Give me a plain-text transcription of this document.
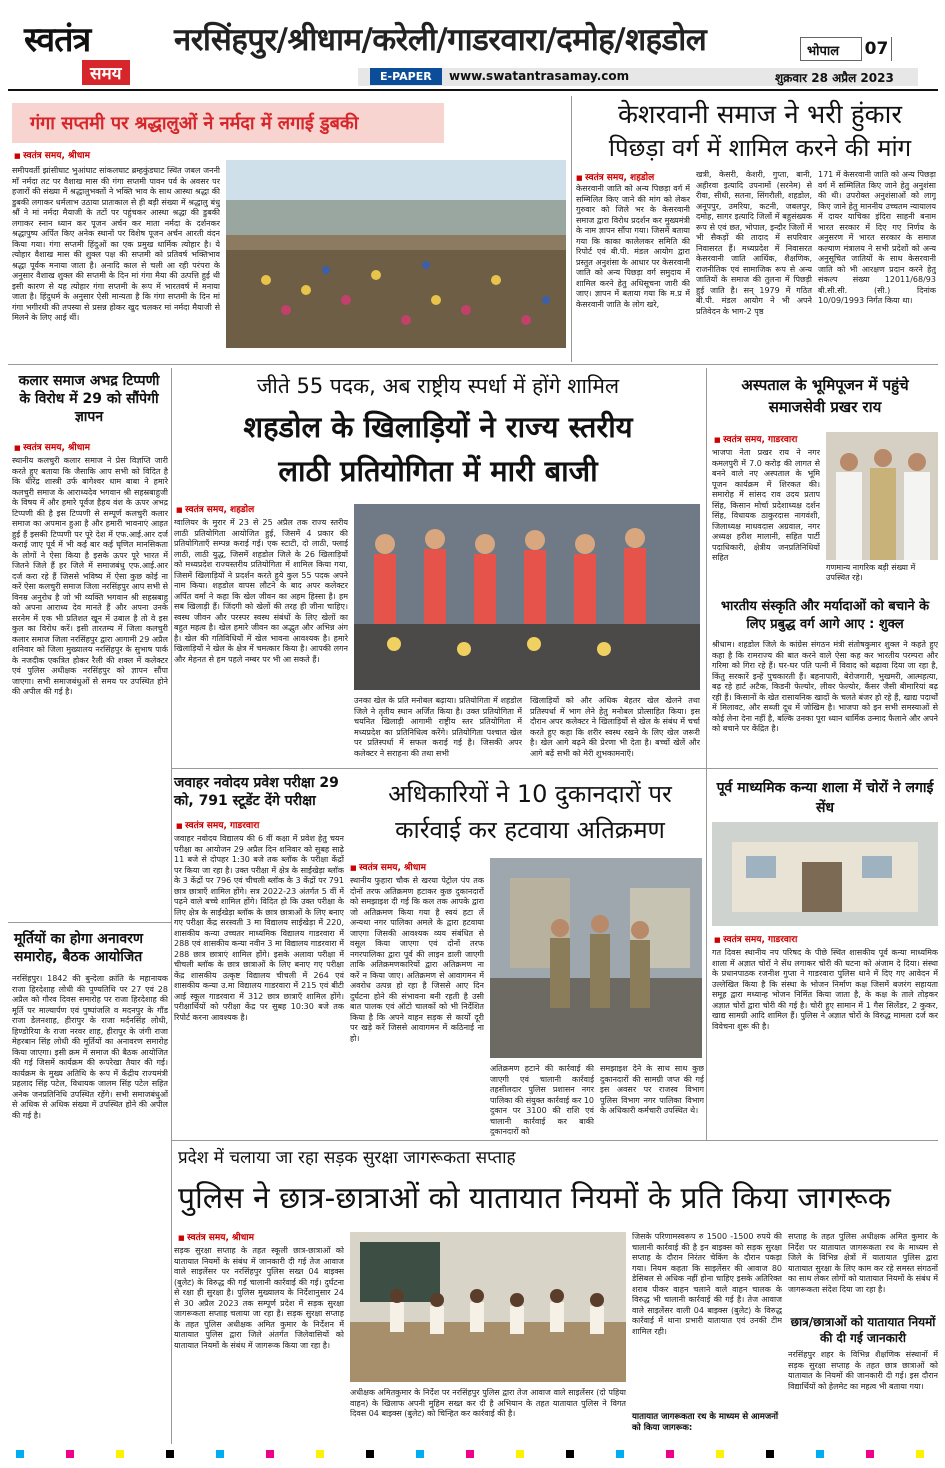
स्वतंत्र
समय
नरसिंहपुर/श्रीधाम/करेली/गाडरवारा/दमोह/शहडोल	भोपाल 07
E-PAPER	www.swatantrasamay.com	शुक्रवार 28 अप्रैल 2023
गंगा सप्तमी पर श्रद्धालुओं ने नर्मदा में लगाई डुबकी
■ स्वतंत्र समय, श्रीधाम
समीपवर्ती झांसीघाट भुआंघाट सांकलघाट ब्रम्हकुंडघाट स्थित जबल जननी माँ नर्मदा तट पर वैशाख मास की गंगा सप्तमी पावन पर्व के अवसर पर हजारों की संख्या में श्रद्धालुभक्तों ने भक्ति भाव के साथ आस्था श्रद्धा की डुबकी लगाकर धर्मलाभ उठाया प्रातःकाल से ही बड़ी संख्या में श्रद्धालु बंधु श्रौं ने मां नर्मदा मैयाजी के तटों पर पहुंचकर आस्था श्रद्धा की डुबकी लगाकर स्नान ध्यान कर पूजन अर्चन कर माता नर्मदा के दर्शनकर श्रद्धापुष्प अर्पित किए अनेक स्थानों पर विशेष पूजन अर्चन आरती वंदन किया गया। गंगा सप्तमी हिंदुओं का एक प्रमुख धार्मिक त्योहार है। ये त्योहार वैशाख मास की शुक्ल पक्ष की सप्तमी को प्रतिवर्ष भक्तिभाव श्रद्धा पूर्वक मनाया जाता है। अनादि काल से चली आ रही परंपरा के अनुसार वैशाख शुक्ल की सप्तमी के दिन मां गंगा मैया की उत्पत्ति हुई थी इसी कारण से यह त्योहार गंगा सप्तमी के रूप में भारतवर्ष में मनाया जाता है। हिंदुधर्म के अनुसार ऐसी मान्यता है कि गंगा सप्तमी के दिन मां गंगा भगीरथी की तपस्या से प्रसन्न होकर खुद चलकर मां नर्मदा मैयाजी से मिलने के लिए आई थीं।
केशरवानी समाज ने भरी हुंकार
पिछड़ा वर्ग में शामिल करने की मांग
■ स्वतंत्र समय, शहडोल
केसरवानी जाति को अन्य पिछड़ा वर्ग में सम्मिलित किए जाने की मांग को लेकर गुरुवार को जिले भर के केसरवानी समाज द्वारा विरोध प्रदर्शन कर मुख्यमंत्री के नाम ज्ञापन सौंपा गया। जिसमें बताया गया कि काका कालेलकर समिति की रिपोर्ट एवं बी.पी. मंडल आयोग द्वारा प्रस्तुत अनुशंसा के आधार पर केसरवानी जाति को अन्य पिछड़ा वर्ग समुदाय में शामिल करने हेतु अधिसूचना जारी की जाए। ज्ञापन में बताया गया कि म.प्र में केसरवानी जाति के लोग खरे,
खत्री, केसरी, केशरी, गुप्ता, बानी, अहीरवा इत्यादि उपनामों (सरनेम) से रीवा, सीधी, सतना, सिंगरौली, शहडोल, अनूपपुर, उमरिया, कटनी, जबलपुर, दमोह, सागर इत्यादि जिलों में बहुसंख्यक रूप से एवं छत, भोपाल, इन्दौर जिलों में भी सैकड़ों की तादाद में सपरिवार निवासरत हैं। मध्यप्रदेश में निवासरत केसरवानी जाति आर्थिक, शैक्षणिक, राजनीतिक एवं सामाजिक रूप से अन्य जातियों के समाज की तुलना में पिछड़ी हुई जाति है। सन् 1979 में गठित बी.पी. मंडल आयोग ने भी अपने प्रतिवेदन के भाग-2 पृष्ठ
171 में केसरवानी जाति को अन्य पिछड़ा वर्ग में सम्मिलित किए जाने हेतु अनुशंसा की थी। उपरोक्त अनुशंसाओं को लागू किए जाने हेतु माननीय उच्चतम न्यायालय में दायर याचिका इंदिरा साहनी बनाम भारत सरकार में दिए गए निर्णय के अनुसरण में भारत सरकार के समाज कल्याण मंत्रालय ने सभी प्रदेशों को अन्य अनुसूचित जातियों के साथ केसरवानी जाति को भी आरक्षण प्रदान करने हेतु संकल्प संख्या 12011/68/93 बी.सी.सी. (सी.) दिनांक 10/09/1993 निर्गत किया था।
कलार समाज अभद्र टिप्पणी के विरोध में 29 को सौंपेगी ज्ञापन
■ स्वतंत्र समय, श्रीधाम
स्थानीय कलचुरी कलार समाज ने प्रेस विज्ञप्ति जारी करते हुए बताया कि जैसाकि आप सभी को विदित है कि धीरेंद्र शास्त्री उर्फ बागेश्वर धाम बाबा ने हमारे कलचुरी समाज के आराध्यदेव भगवान श्री सहस्रबाहुजी के विषय में और हमारे पूर्वज हैहय वंश के ऊपर अभद्र टिप्पणी की है इस टिप्पणी से सम्पूर्ण कलचुरी कलार समाज का अपमान हुआ है और हमारी भावनाएं आहत हुई हैं इसकी टिप्पणी पर पूरे देश में एफ.आई.आर दर्ज कराई जाए पूर्व में भी कई बार कई घृणित मानसिकता के लोगों ने ऐसा किया है इसके ऊपर पूरे भारत में जितने जिले हैं हर जिले में समाजबंधु एफ.आई.आर दर्ज करा रहे हैं जिससे भविष्य में ऐसा कुछ कोई ना करें ऐसा कलचुरी समाज जिला नरसिंहपुर आप सभी से विनम्र अनुरोध है जो भी व्यक्ति भगवान श्री सहस्रबाहु को अपना आराध्य देव मानते हैं और अपना उनके सरनेम में एक भी प्रतिशत खून में उबाल है तो वे इस कुल का विरोध करें। इसी तारतम्य में जिला कलचुरी कलार समाज जिला नरसिंहपुर द्वारा आगामी 29 अप्रैल शनिवार को जिला मुख्यालय नरसिंहपुर के सुभाष पार्क के नजदीक एकत्रित होकर रैली की शक्ल में कलेक्टर एवं पुलिस अधीक्षक नरसिंहपुर को ज्ञापन सौंपा जाएगा। सभी समाजबंधुओं से समय पर उपस्थित होने की अपील की गई है।
जीते 55 पदक, अब राष्ट्रीय स्पर्धा में होंगे शामिल
शहडोल के खिलाड़ियों ने राज्य स्तरीय
लाठी प्रतियोगिता में मारी बाजी
■ स्वतंत्र समय, शहडोल
ग्वालियर के मुरार में 23 से 25 अप्रैल तक राज्य स्तरीय लाठी प्रतियोगिता आयोजित हुई, जिसमें 4 प्रकार की प्रतियोगिताएँ सम्पन्न कराई गई। एक स्टाटी, दो लाठी, फ्लाई लाठी, लाठी युद्ध, जिसमें शहडोल जिले के 26 खिलाड़ियों को मध्यप्रदेश राज्यस्तरीय प्रतियोगिता में शामिल किया गया, जिसमें खिलाड़ियों ने प्रदर्शन करते हुये कुल 55 पदक अपने नाम किया। शहडोल वापस लौटने के बाद अपर कलेक्टर अर्पित वर्मा ने कहा कि खेल जीवन का अहम हिस्सा है। हम सब खिलाड़ी हैं। जिंदगी को खेलों की तरह ही जीना चाहिए। स्वस्थ जीवन और परस्पर स्वस्थ संबंधों के लिए खेलों का बहुत महत्व है। खेल हमारे जीवन का अद्भुत और अभिन्न अंग है। खेल की गतिविधियों में खेल भावना आवश्यक है। हमारे खिलाड़ियों ने खेल के क्षेत्र में चमत्कार किया है। आपकी लगन और मेहनत से हम पहले नम्बर पर भी आ सकते हैं।
उनका खेल के प्रति मनोबल बढ़ाया। प्रतियोगिता में शहडोल जिले ने तृतीय स्थान अर्जित किया है। उक्त प्रतियोगिता में चयनित खिलाड़ी आगामी राष्ट्रीय स्तर प्रतियोगिता में मध्यप्रदेश का प्रतिनिधित्व करेंगे। प्रतियोगिता पश्चात खेल पर प्रतिस्पर्धा में सफल कराई गई है। जिसकी अपर कलेक्टर ने सराहना की तथा सभी
खिलाड़ियों को और अधिक बेहतर खेल खेलने तथा प्रतिस्पर्धा में भाग लेने हेतु मनोबल प्रोत्साहित किया। इस दौरान अपर कलेक्टर ने खिलाड़ियों से खेल के संबंध में चर्चा करते हुए कहा कि शरीर स्वस्थ रखने के लिए खेल जरूरी है। खेल आगे बढ़ने की प्रेरणा भी देता है। बच्चों खेलें और आगे बढ़ें सभी को मेरी शुभकामनाएँ।
अस्पताल के भूमिपूजन में पहुंचे समाजसेवी प्रखर राय
■ स्वतंत्र समय, गाडरवारा
भाजपा नेता प्रखर राय ने नगर कमलपुरी में 7.0 करोड़ की लागत से बनने वाले नए अस्पताल के भूमि पूजन कार्यक्रम में शिरकत की। समारोह में सांसद राव उदय प्रताप सिंह, किसान मोर्चा प्रदेशाध्यक्ष दर्शन सिंह, विधायक ठाकुरदास नागवंशी, जिलाध्यक्ष माधवदास अग्रवाल, नगर अध्यक्ष हरीश मालानी, सहित पार्टी पदाधिकारी, क्षेत्रीय जनप्रतिनिधियों सहित
गणमान्य नागरिक बड़ी संख्या में उपस्थित रहे।
भारतीय संस्कृति और मर्यादाओं को बचाने के लिए प्रबुद्ध वर्ग आगे आए : शुक्ल
श्रीधाम। शहडोल जिले के कांग्रेस संगठन मंत्री संतोषकुमार शुक्ल ने कहते हुए कहा है कि रामराज्य की बात करने वाले ऐसा कह कर भारतीय परम्परा और गरिमा को गिरा रहे हैं। घर-घर पति पत्नी में विवाद को बढ़ावा दिया जा रहा है, किंतु सरकारें इन्हें पुचकारती हैं। बहनापारी, बेरोजगारी, भुखमरी, आत्महत्या, बढ़ रहे हार्ट अटैक, किडनी फेल्योर, लीवर फेल्योर, कैंसर जैसी बीमारियां बढ़ रही हैं। किसानों के खेत रासायनिक खादों के चलते बंजर हो रहे हैं, खाद्य पदार्थों में मिलावट, और सब्जी दूध में जोखिम है। भाजपा को इन सभी समस्याओं से कोई लेना देना नहीं है, बल्कि उनका पूरा ध्यान धार्मिक उन्माद फैलाने और अपने को बचाने पर केंद्रित है।
जवाहर नवोदय प्रवेश परीक्षा 29 को, 791 स्टूडेंट देंगे परीक्षा
■ स्वतंत्र समय, गाडरवारा
जवाहर नवोदय विद्यालय की 6 वीं कक्षा में प्रवेश हेतु चयन परीक्षा का आयोजन 29 अप्रैल दिन शनिवार को सुबह साढ़े 11 बजे से दोपहर 1:30 बजे तक ब्लॉक के परीक्षा केंद्रों पर किया जा रहा है। उक्त परीक्षा में क्षेत्र के साईखेड़ा ब्लॉक के 3 केंद्रों पर 796 एवं चीचली ब्लॉक के 3 केंद्रों पर 791 छात्र छात्राएँ शामिल होंगे। सत्र 2022-23 अंतर्गत 5 वीं में पढ़ने वाले बच्चे शामिल होंगे। विदित हो कि उक्त परीक्षा के लिए क्षेत्र के साईखेड़ा ब्लॉक के छात्र छात्राओं के लिए बनाए गए परीक्षा केंद्र सरस्वती 3 मा विद्यालय साईखेड़ा में 220, शासकीय कन्या उच्चतर माध्यमिक विद्यालय गाडरवारा में 288 एवं शासकीय कन्या नवीन 3 मा विद्यालय गाडरवारा में 288 छात्र छात्राएं शामिल होंगे। इसके अलावा परीक्षा में चीचली ब्लॉक के छात्र छात्राओं के लिए बनाए गए परीक्षा केंद्र शासकीय उत्कृष्ट विद्यालय चीचली में 264 एवं शासकीय कन्या उ.मा विद्यालय गाडरवारा में 215 एवं बीटी आई स्कूल गाडरवारा में 312 छात्र छात्राएँ शामिल होंगे। परीक्षार्थियों को परीक्षा केंद्र पर सुबह 10:30 बजे तक रिपोर्ट करना आवश्यक है।
अधिकारियों ने 10 दुकानदारों पर
कार्रवाई कर हटवाया अतिक्रमण
■ स्वतंत्र समय, श्रीधाम
स्थानीय फुहारा चौक से खरया पेट्रोल पंप तक दोनों तरफ अतिक्रमण हटाकर कुछ दुकानदारों को समझाइश दी गई कि कल तक आपके द्वारा जो अतिक्रमण किया गया है स्वयं हटा लें अन्यथा नगर पालिका अमले के द्वारा हटवाया जाएगा जिसकी आवश्यक व्यय संबंधित से वसूल किया जाएगा एवं दोनों तरफ नगरपालिका द्वारा पूर्व की लाइन डाली जाएगी ताकि अतिक्रमणकारियों द्वारा अतिक्रमण ना करें न किया जाए। अतिक्रमण से आवागमन में अवरोध उत्पन्न हो रहा है जिससे आए दिन दुर्घटना होने की संभावना बनी रहती है उसी बात पालक एवं ऑटो चालकों को भी निर्देशित किया है कि अपने वाहन सड़क से कार्यो दूरी पर खड़े करें जिससे आवागमन में कठिनाई ना हो।
अतिक्रमण हटाने की कार्रवाई की जाएगी एवं चालानी कार्रवाई तहसीलदार पुलिस प्रशासन नगर पालिका की संयुक्त कार्रवाई कर 10 दुकान पर 3100 की राशि एवं चालानी कार्रवाई कर बाकी दुकानदारों को
समझाइश देने के साथ साथ कुछ दुकानदारों की सामग्री जप्त की गई इस अवसर पर राजस्व विभाग पुलिस विभाग नगर पालिका विभाग के अधिकारी कर्मचारी उपस्थित थे।
पूर्व माध्यमिक कन्या शाला में चोरों ने लगाई सेंध
■ स्वतंत्र समय, गाडरवारा
गत दिवस स्थानीय नप परिषद के पीछे स्थित शासकीय पूर्व कन्या माध्यमिक शाला में अज्ञात चोरों ने सेंध लगाकर चोरी की घटना को अंजाम दे दिया। संस्था के प्रधानपाठक रजनीश गुप्ता ने गाडरवारा पुलिस थाने में दिए गए आवेदन में उल्लेखित किया है कि संस्था के भोजन निर्माण कक्ष जिसमें बजरंग सहायता समूह द्वारा मध्यान्ह भोजन निर्मित किया जाता है, के कक्ष के ताले तोड़कर अज्ञात चोरों द्वारा चोरी की गई है। चोरी हुए सामान में 1 गैस सिलेंडर, 2 कुकर, खाद्य सामग्री आदि शामिल हैं। पुलिस ने अज्ञात चोरों के विरुद्ध मामला दर्ज कर विवेचना शुरू की है।
मूर्तियों का होगा अनावरण समारोह, बैठक आयोजित
नरसिंहपुर। 1842 की बुन्देला क्रांति के महानायक राजा हिरदेशाह लोधी की पुण्यतिथि पर 27 एवं 28 अप्रैल को गौरव दिवस समारोह पर राजा हिरदेशाह की मूर्ति पर माल्यार्पण एवं पुष्पांजलि व मदनपुर के गौंड राजा डेलनशाह, हीरापुर के राजा मर्दनसिंह लोधी, हिण्डोरिया के राजा नरवर शाह, हीरापुर के जंगी राजा मेहरबान सिंह लोधी की मूर्तियों का अनावरण समारोह किया जाएगा। इसी क्रम में समाज की बैठक आयोजित की गई जिसमें कार्यक्रम की रूपरेखा तैयार की गई। कार्यक्रम के मुख्य अतिथि के रूप में केंद्रीय राज्यमंत्री प्रहलाद सिंह पटेल, विधायक जालम सिंह पटेल सहित अनेक जनप्रतिनिधि उपस्थित रहेंगे। सभी समाजबंधुओं से अधिक से अधिक संख्या में उपस्थित होने की अपील की गई है।
प्रदेश में चलाया जा रहा सड़क सुरक्षा जागरूकता सप्ताह
पुलिस ने छात्र-छात्राओं को यातायात नियमों के प्रति किया जागरूक
■ स्वतंत्र समय, श्रीधाम
सड़क सुरक्षा सप्ताह के तहत स्कूली छात्र-छात्राओं को यातायात नियमों के संबंध में जानकारी दी गई तेज आवाज वाले साइलेंसर पर नरसिंहपुर पुलिस सख्त 04 बाइक्स (बुलेट) के विरुद्ध की गई चालानी कार्रवाई की गई। दुर्घटना से रक्षा ही सुरक्षा है। पुलिस मुख्यालय के निर्देशानुसार 24 से 30 अप्रैल 2023 तक सम्पूर्ण प्रदेश में सड़क सुरक्षा जागरूकता सप्ताह चलाया जा रहा है। सड़क सुरक्षा सप्ताह के तहत पुलिस अधीक्षक अमित कुमार के निर्देशन में यातायात पुलिस द्वारा जिले अंतर्गत जिलेवासियों को यातायात नियमों के संबंध में जागरूक किया जा रहा है।
अधीक्षक अमितकुमार के निर्देश पर नरसिंहपुर पुलिस द्वारा तेज आवाज वाले साइलेंसर (दो पहिया वाहन) के खिलाफ अपनी मुहिम सख्त कर दी है अभियान के तहत यातायात पुलिस ने विगत दिवस 04 बाइक्स (बुलेट) को चिन्हित कर कार्रवाई की है।
जिसके परिणामस्वरूप रु 1500 -1500 रुपये की चालानी कार्रवाई की है इन बाइक्स को सड़क सुरक्षा सप्ताह के दौरान निरंतर चेकिंग के दौरान पकड़ा गया। नियम कहता कि साइलेंसर की आवाज 80 डेसिबल से अधिक नहीं होना चाहिए इसके अतिरिक्त शराब पीकर वाहन चलाने वाले वाहन चालक के विरुद्ध भी चालानी कार्रवाई की गई है। तेज आवाज वाले साइलेंसर वाली 04 बाइक्स (बुलेट) के विरुद्ध कार्रवाई में थाना प्रभारी यातायात एवं उनकी टीम शामिल रही।
यातायात जागरूकता रथ के माध्यम से आमजनों को किया जागरूक:
सप्ताह के तहत पुलिस अधीक्षक अमित कुमार के निर्देश पर यातायात जागरूकता रथ के माध्यम से जिले के विभिन्न क्षेत्रों में यातायात पुलिस द्वारा यातायात सुरक्षा के लिए काम कर रहे समस्त संगठनों का साथ लेकर लोगों को यातायात नियमों के संबंध में जागरूकता संदेश दिया जा रहा है।
छात्र/छात्राओं को यातायात नियमों की दी गई जानकारी
नरसिंहपुर शहर के विभिन्न शैक्षणिक संस्थानों में सड़क सुरक्षा सप्ताह के तहत छात्र छात्राओं को यातायात के नियमों की जानकारी दी गई। इस दौरान विद्यार्थियों को हेलमेट का महत्व भी बताया गया।
